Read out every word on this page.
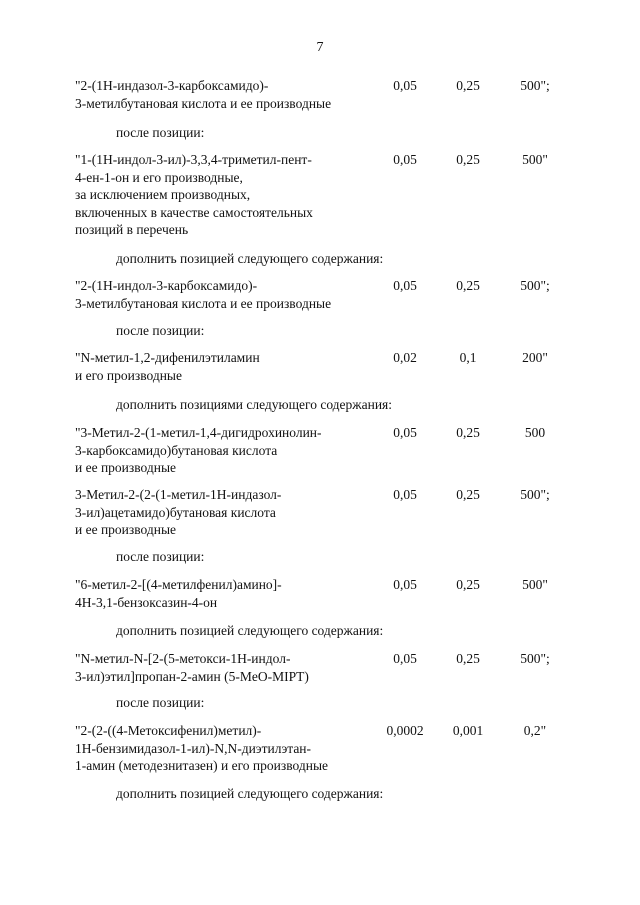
7
"2-(1Н-индазол-3-карбоксамидо)-
3-метилбутановая кислота и ее производные
0,05	0,25	500";
после позиции:
"1-(1Н-индол-3-ил)-3,3,4-триметил-пент-
4-ен-1-он и его производные,
за исключением производных,
включенных в качестве самостоятельных
позиций в перечень
0,05	0,25	500"
дополнить позицией следующего содержания:
"2-(1Н-индол-3-карбоксамидо)-
3-метилбутановая кислота и ее производные
0,05	0,25	500";
после позиции:
"N-метил-1,2-дифенилэтиламин
и его производные
0,02	0,1	200"
дополнить позициями следующего содержания:
"3-Метил-2-(1-метил-1,4-дигидрохинолин-
3-карбоксамидо)бутановая кислота
и ее производные
0,05	0,25	500
3-Метил-2-(2-(1-метил-1Н-индазол-
3-ил)ацетамидо)бутановая кислота
и ее производные
0,05	0,25	500";
после позиции:
"6-метил-2-[(4-метилфенил)амино]-
4Н-3,1-бензоксазин-4-он
0,05	0,25	500"
дополнить позицией следующего содержания:
"N-метил-N-[2-(5-метокси-1Н-индол-
3-ил)этил]пропан-2-амин (5-MeO-MIPT)
0,05	0,25	500";
после позиции:
"2-(2-((4-Метоксифенил)метил)-
1Н-бензимидазол-1-ил)-N,N-диэтилэтан-
1-амин (методезнитазен) и его производные
0,0002	0,001	0,2"
дополнить позицией следующего содержания:
